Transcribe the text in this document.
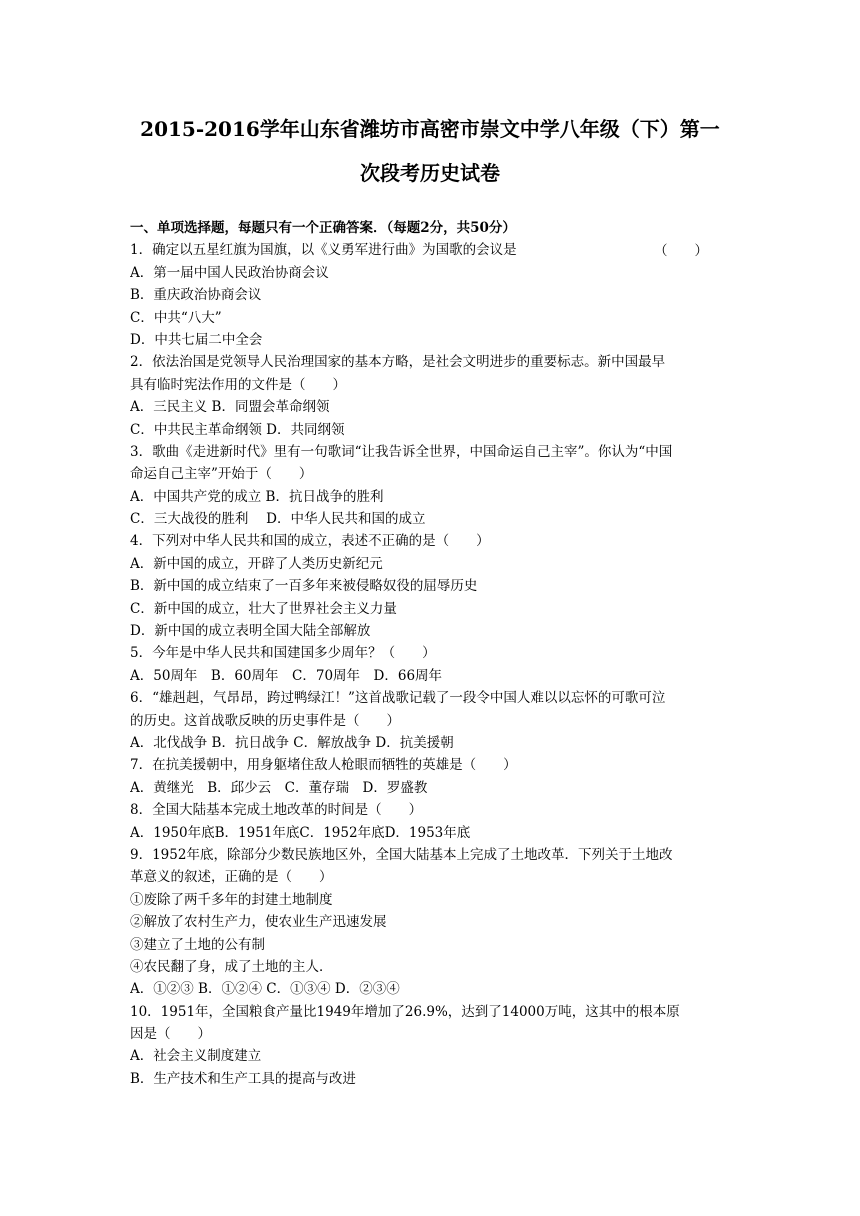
2015-2016学年山东省潍坊市高密市崇文中学八年级（下）第一
次段考历史试卷
一、单项选择题，每题只有一个正确答案．（每题2分，共50分）
1．确定以五星红旗为国旗，以《义勇军进行曲》为国歌的会议是
A．第一届中国人民政治协商会议
B．重庆政治协商会议
C．中共“八大”
D．中共七届二中全会
2．依法治国是党领导人民治理国家的基本方略，是社会文明进步的重要标志。新中国最早
具有临时宪法作用的文件是（　　）
A．三民主义 B．同盟会革命纲领
C．中共民主革命纲领 D．共同纲领
3．歌曲《走进新时代》里有一句歌词“让我告诉全世界，中国命运自己主宰”。你认为“中国
命运自己主宰”开始于（　　）
A．中国共产党的成立 B．抗日战争的胜利
C．三大战役的胜利　 D．中华人民共和国的成立
4．下列对中华人民共和国的成立，表述不正确的是（　　）
A．新中国的成立，开辟了人类历史新纪元
B．新中国的成立结束了一百多年来被侵略奴役的屈辱历史
C．新中国的成立，壮大了世界社会主义力量
D．新中国的成立表明全国大陆全部解放
5．今年是中华人民共和国建国多少周年？（　　）
A．50周年　B．60周年　C．70周年　D．66周年
6．“雄赳赳，气昂昂，跨过鸭绿江！”这首战歌记载了一段令中国人难以以忘怀的可歌可泣
的历史。这首战歌反映的历史事件是（　　）
A．北伐战争 B．抗日战争 C．解放战争 D．抗美援朝
7．在抗美援朝中，用身躯堵住敌人枪眼而牺牲的英雄是（　　）
A．黄继光　B．邱少云　C．董存瑞　D．罗盛教
8．全国大陆基本完成土地改革的时间是（　　）
A．1950年底B．1951年底C．1952年底D．1953年底
9．1952年底，除部分少数民族地区外，全国大陆基本上完成了土地改革．下列关于土地改
革意义的叙述，正确的是（　　）
①废除了两千多年的封建土地制度
②解放了农村生产力，使农业生产迅速发展
③建立了土地的公有制
④农民翻了身，成了土地的主人．
A．①②③ B．①②④ C．①③④ D．②③④
10．1951年，全国粮食产量比1949年增加了26.9%，达到了14000万吨，这其中的根本原
因是（　　）
A．社会主义制度建立
B．生产技术和生产工具的提高与改进
（　　）
